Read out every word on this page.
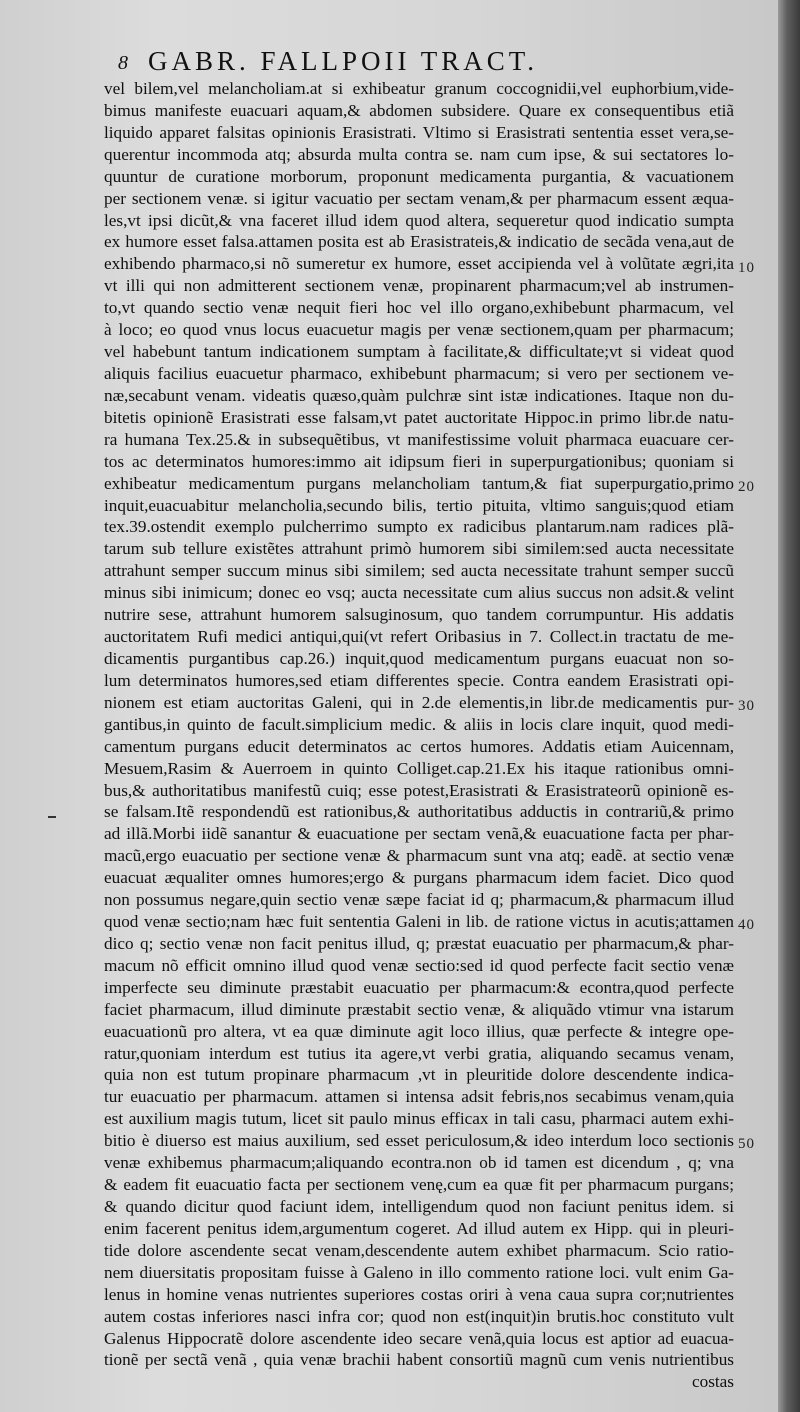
8 GABR. FALLPOII TRACT.
vel bilem,vel melancholiam.at si exhibeatur granum coccognidii,vel euphorbium,vide-
bimus manifeste euacuari aquam,& abdomen subsidere. Quare ex consequentibus etiã
liquido apparet falsitas opinionis Erasistrati. Vltimo si Erasistrati sententia esset vera,se-
querentur incommoda atq; absurda multa contra se. nam cum ipse, & sui sectatores lo-
quuntur de curatione morborum, proponunt medicamenta purgantia, & vacuationem
per sectionem venæ. si igitur vacuatio per sectam venam,& per pharmacum essent æqua-
les,vt ipsi dicũt,& vna faceret illud idem quod altera, sequeretur quod indicatio sumpta
ex humore esset falsa.attamen posita est ab Erasistrateis,& indicatio de secãda vena,aut de
exhibendo pharmaco,si nõ sumeretur ex humore, esset accipienda vel à volũtate ægri,ita
vt illi qui non admitterent sectionem venæ, propinarent pharmacum;vel ab instrumen-
to,vt quando sectio venæ nequit fieri hoc vel illo organo,exhibebunt pharmacum, vel
à loco; eo quod vnus locus euacuetur magis per venæ sectionem,quam per pharmacum;
vel habebunt tantum indicationem sumptam à facilitate,& difficultate;vt si videat quod
aliquis facilius euacuetur pharmaco, exhibebunt pharmacum; si vero per sectionem ve-
næ,secabunt venam. videatis quæso,quàm pulchræ sint istæ indicationes. Itaque non du-
bitetis opinionẽ Erasistrati esse falsam,vt patet auctoritate Hippoc.in primo libr.de natu-
ra humana Tex.25.& in subsequẽtibus, vt manifestissime voluit pharmaca euacuare cer-
tos ac determinatos humores:immo ait idipsum fieri in superpurgationibus; quoniam si
exhibeatur medicamentum purgans melancholiam tantum,& fiat superpurgatio,primo
inquit,euacuabitur melancholia,secundo bilis, tertio pituita, vltimo sanguis;quod etiam
tex.39.ostendit exemplo pulcherrimo sumpto ex radicibus plantarum.nam radices plã-
tarum sub tellure existẽtes attrahunt primò humorem sibi similem:sed aucta necessitate
attrahunt semper succum minus sibi similem; sed aucta necessitate trahunt semper succũ
minus sibi inimicum; donec eo vsq; aucta necessitate cum alius succus non adsit.& velint
nutrire sese, attrahunt humorem salsuginosum, quo tandem corrumpuntur. His addatis
auctoritatem Rufi medici antiqui,qui(vt refert Oribasius in 7. Collect.in tractatu de me-
dicamentis purgantibus cap.26.) inquit,quod medicamentum purgans euacuat non so-
lum determinatos humores,sed etiam differentes specie. Contra eandem Erasistrati opi-
nionem est etiam auctoritas Galeni, qui in 2.de elementis,in libr.de medicamentis pur-
gantibus,in quinto de facult.simplicium medic. & aliis in locis clare inquit, quod medi-
camentum purgans educit determinatos ac certos humores. Addatis etiam Auicennam,
Mesuem,Rasim & Auerroem in quinto Colliget.cap.21.Ex his itaque rationibus omni-
bus,& authoritatibus manifestũ cuiq; esse potest,Erasistrati & Erasistrateorũ opinionẽ es-
se falsam.Itẽ respondendũ est rationibus,& authoritatibus adductis in contrariũ,& primo
ad illã.Morbi iidẽ sanantur & euacuatione per sectam venã,& euacuatione facta per phar-
macũ,ergo euacuatio per sectione venæ & pharmacum sunt vna atq; eadẽ. at sectio venæ
euacuat æqualiter omnes humores;ergo & purgans pharmacum idem faciet. Dico quod
non possumus negare,quin sectio venæ sæpe faciat id q; pharmacum,& pharmacum illud
quod venæ sectio;nam hæc fuit sententia Galeni in lib. de ratione victus in acutis;attamen
dico q; sectio venæ non facit penitus illud, q; præstat euacuatio per pharmacum,& phar-
macum nõ efficit omnino illud quod venæ sectio:sed id quod perfecte facit sectio venæ
imperfecte seu diminute præstabit euacuatio per pharmacum:& econtra,quod perfecte
faciet pharmacum, illud diminute præstabit sectio venæ, & aliquãdo vtimur vna istarum
euacuationũ pro altera, vt ea quæ diminute agit loco illius, quæ perfecte & integre ope-
ratur,quoniam interdum est tutius ita agere,vt verbi gratia, aliquando secamus venam,
quia non est tutum propinare pharmacum ,vt in pleuritide dolore descendente indica-
tur euacuatio per pharmacum. attamen si intensa adsit febris,nos secabimus venam,quia
est auxilium magis tutum, licet sit paulo minus efficax in tali casu, pharmaci autem exhi-
bitio è diuerso est maius auxilium, sed esset periculosum,& ideo interdum loco sectionis
venæ exhibemus pharmacum;aliquando econtra.non ob id tamen est dicendum , q; vna
& eadem fit euacuatio facta per sectionem venę,cum ea quæ fit per pharmacum purgans;
& quando dicitur quod faciunt idem, intelligendum quod non faciunt penitus idem. si
enim facerent penitus idem,argumentum cogeret. Ad illud autem ex Hipp. qui in pleuri-
tide dolore ascendente secat venam,descendente autem exhibet pharmacum. Scio ratio-
nem diuersitatis propositam fuisse à Galeno in illo commento ratione loci. vult enim Ga-
lenus in homine venas nutrientes superiores costas oriri à vena caua supra cor;nutrientes
autem costas inferiores nasci infra cor; quod non est(inquit)in brutis.hoc constituto vult
Galenus Hippocratẽ dolore ascendente ideo secare venã,quia locus est aptior ad euacua-
tionẽ per sectã venã , quia venæ brachii habent consortiũ magnũ cum venis nutrientibus
costas
10
20
30
40
50
